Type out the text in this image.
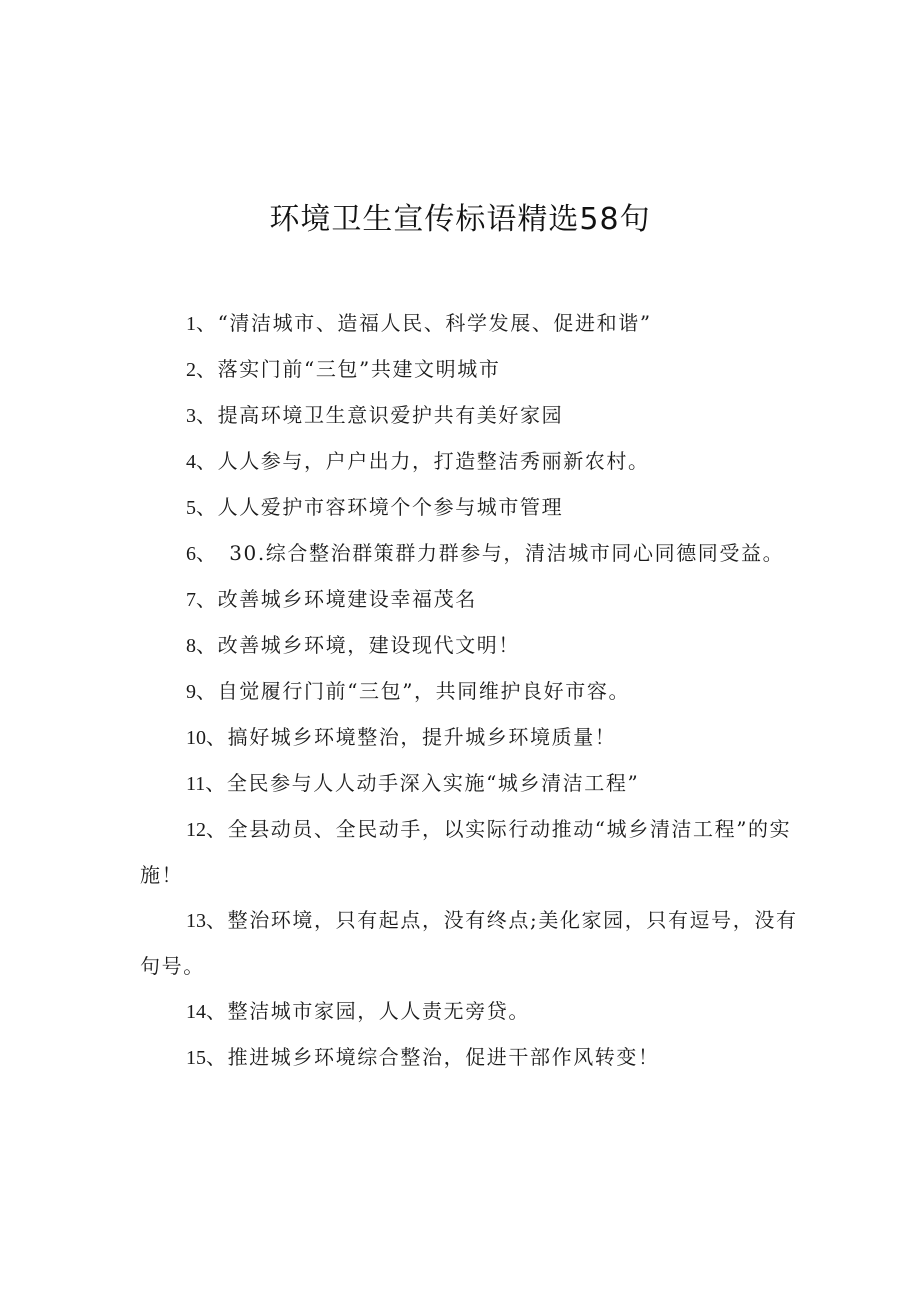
环境卫生宣传标语精选58句

1、“清洁城市、造福人民、科学发展、促进和谐”

2、落实门前“三包”共建文明城市

3、提高环境卫生意识爱护共有美好家园

4、人人参与，户户出力，打造整洁秀丽新农村。

5、人人爱护市容环境个个参与城市管理

6、　30.综合整治群策群力群参与，清洁城市同心同德同受益。

7、改善城乡环境建设幸福茂名

8、改善城乡环境，建设现代文明！

9、自觉履行门前“三包”，共同维护良好市容。

10、搞好城乡环境整治，提升城乡环境质量！

11、全民参与人人动手深入实施“城乡清洁工程”

12、全县动员、全民动手，以实际行动推动“城乡清洁工程”的实施！

13、整治环境，只有起点，没有终点;美化家园，只有逗号，没有句号。

14、整洁城市家园，人人责无旁贷。

15、推进城乡环境综合整治，促进干部作风转变！
